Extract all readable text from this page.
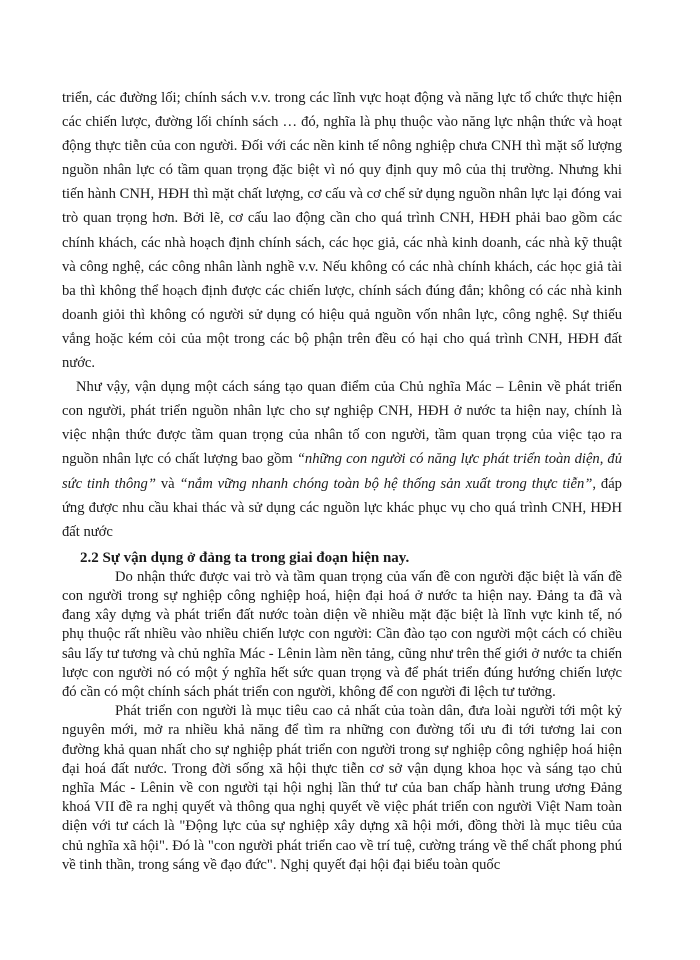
triển, các đường lối; chính sách v.v. trong các lĩnh vực hoạt động và năng lực tổ chức thực hiện các chiến lược, đường lối chính sách … đó, nghĩa là phụ thuộc vào năng lực nhận thức và hoạt động thực tiễn của con người. Đối với các nền kinh tế nông nghiệp chưa CNH thì mặt số lượng nguồn nhân lực có tầm quan trọng đặc biệt vì nó quy định quy mô của thị trường. Nhưng khi tiến hành CNH, HĐH thì mặt chất lượng, cơ cấu và cơ chế sử dụng nguồn nhân lực lại đóng vai trò quan trọng hơn. Bởi lẽ, cơ cấu lao động cần cho quá trình CNH, HĐH phải bao gồm các chính khách, các nhà hoạch định chính sách, các học giả, các nhà kinh doanh, các nhà kỹ thuật và công nghệ, các công nhân lành nghề v.v. Nếu không có các nhà chính khách, các học giả tài ba thì không thể hoạch định được các chiến lược, chính sách đúng đắn; không có các nhà kinh doanh giỏi thì không có người sử dụng có hiệu quả nguồn vốn nhân lực, công nghệ. Sự thiếu vắng hoặc kém cỏi của một trong các bộ phận trên đều có hại cho quá trình CNH, HĐH đất nước.

Như vậy, vận dụng một cách sáng tạo quan điểm của Chủ nghĩa Mác – Lênin về phát triển con người, phát triển nguồn nhân lực cho sự nghiệp CNH, HĐH ở nước ta hiện nay, chính là việc nhận thức được tầm quan trọng của nhân tố con người, tầm quan trọng của việc tạo ra nguồn nhân lực có chất lượng bao gồm “những con người có năng lực phát triển toàn diện, đủ sức tinh thông” và “nắm vững nhanh chóng toàn bộ hệ thống sản xuất trong thực tiễn”, đáp ứng được nhu cầu khai thác và sử dụng các nguồn lực khác phục vụ cho quá trình CNH, HĐH đất nước

2.2 Sự vận dụng ở đảng ta trong giai đoạn hiện nay.

Do nhận thức được vai trò và tầm quan trọng của vấn đề con người đặc biệt là vấn đề con người trong sự nghiệp công nghiệp hoá, hiện đại hoá ở nước ta hiện nay. Đảng ta đã và đang xây dựng và phát triển đất nước toàn diện về nhiều mặt đặc biệt là lĩnh vực kinh tế, nó phụ thuộc rất nhiều vào nhiều chiến lược con người: Cần đào tạo con người một cách có chiều sâu lấy tư tương và chủ nghĩa Mác - Lênin làm nền tảng, cũng như trên thế giới ở nước ta chiến lược con người nó có một ý nghĩa hết sức quan trọng và để phát triển đúng hướng chiến lược đó cần có một chính sách phát triển con người, không để con người đi lệch tư tưởng.

Phát triển con người là mục tiêu cao cả nhất của toàn dân, đưa loài người tới một kỷ nguyên mới, mở ra nhiều khả năng để tìm ra những con đường tối ưu đi tới tương lai con đường khả quan nhất cho sự nghiệp phát triển con người trong sự nghiệp công nghiệp hoá hiện đại hoá đất nước. Trong đời sống xã hội thực tiễn cơ sở vận dụng khoa học và sáng tạo chủ nghĩa Mác - Lênin về con người tại hội nghị lần thứ tư của ban chấp hành trung ương Đảng khoá VII đề ra nghị quyết và thông qua nghị quyết về việc phát triển con người Việt Nam toàn diện với tư cách là "Động lực của sự nghiệp xây dựng xã hội mới, đồng thời là mục tiêu của chủ nghĩa xã hội". Đó là "con người phát triển cao về trí tuệ, cường tráng về thể chất phong phú về tinh thần, trong sáng về đạo đức". Nghị quyết đại hội đại biểu toàn quốc
